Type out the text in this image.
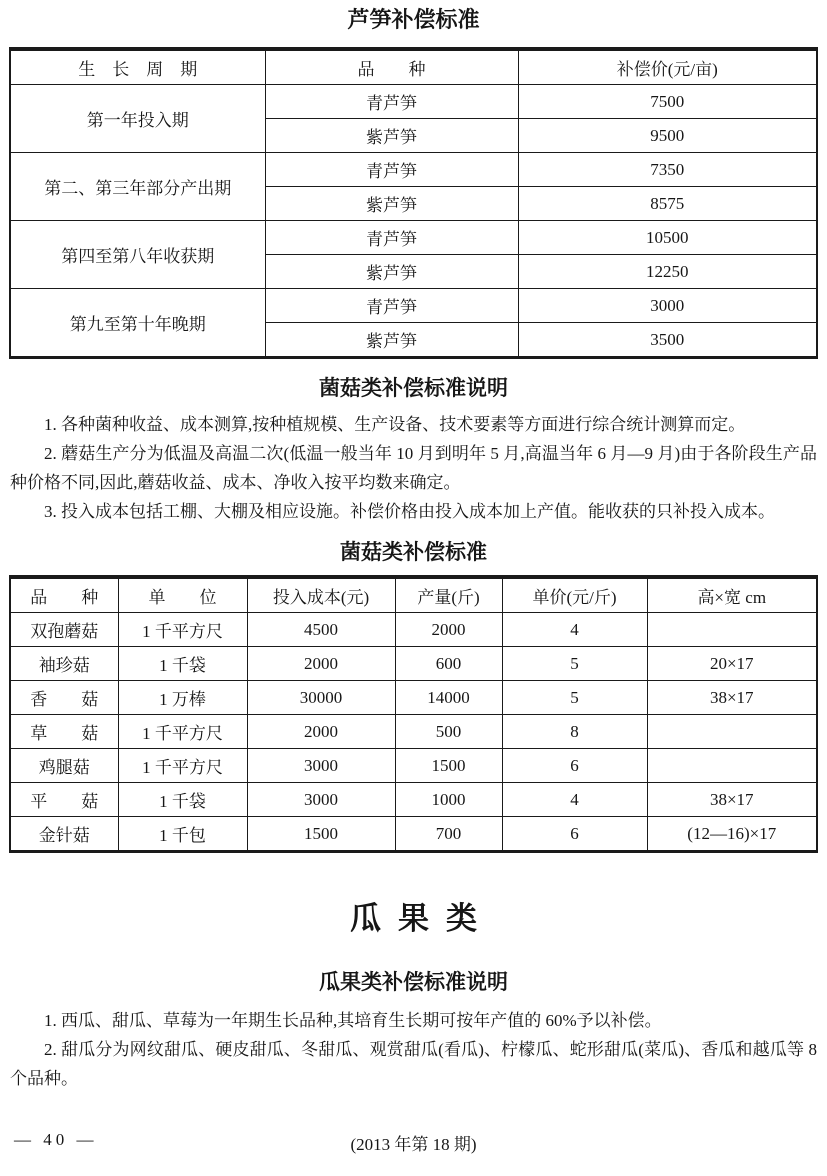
芦笋补偿标准
生　长　周　期	品　　种	补偿价(元/亩)
第一年投入期	青芦笋	7500
	紫芦笋	9500
第二、第三年部分产出期	青芦笋	7350
	紫芦笋	8575
第四至第八年收获期	青芦笋	10500
	紫芦笋	12250
第九至第十年晚期	青芦笋	3000
	紫芦笋	3500
菌菇类补偿标准说明

1. 各种菌种收益、成本测算,按种植规模、生产设备、技术要素等方面进行综合统计测算而定。

2. 蘑菇生产分为低温及高温二次(低温一般当年 10 月到明年 5 月,高温当年 6 月—9 月)由于各阶段生产品种价格不同,因此,蘑菇收益、成本、净收入按平均数来确定。

3. 投入成本包括工棚、大棚及相应设施。补偿价格由投入成本加上产值。能收获的只补投入成本。

菌菇类补偿标准
品　　种	单　　位	投入成本(元)	产量(斤)	单价(元/斤)	高×宽 cm
双孢蘑菇	1 千平方尺	4500	2000	4	
袖珍菇	1 千袋	2000	600	5	20×17
香　　菇	1 万棒	30000	14000	5	38×17
草　　菇	1 千平方尺	2000	500	8	
鸡腿菇	1 千平方尺	3000	1500	6	
平　　菇	1 千袋	3000	1000	4	38×17
金针菇	1 千包	1500	700	6	(12—16)×17
瓜果类
瓜果类补偿标准说明

1. 西瓜、甜瓜、草莓为一年期生长品种,其培育生长期可按年产值的 60%予以补偿。

2. 甜瓜分为网纹甜瓜、硬皮甜瓜、冬甜瓜、观赏甜瓜(看瓜)、柠檬瓜、蛇形甜瓜(菜瓜)、香瓜和越瓜等 8 个品种。

— 40 —	(2013 年第 18 期)
